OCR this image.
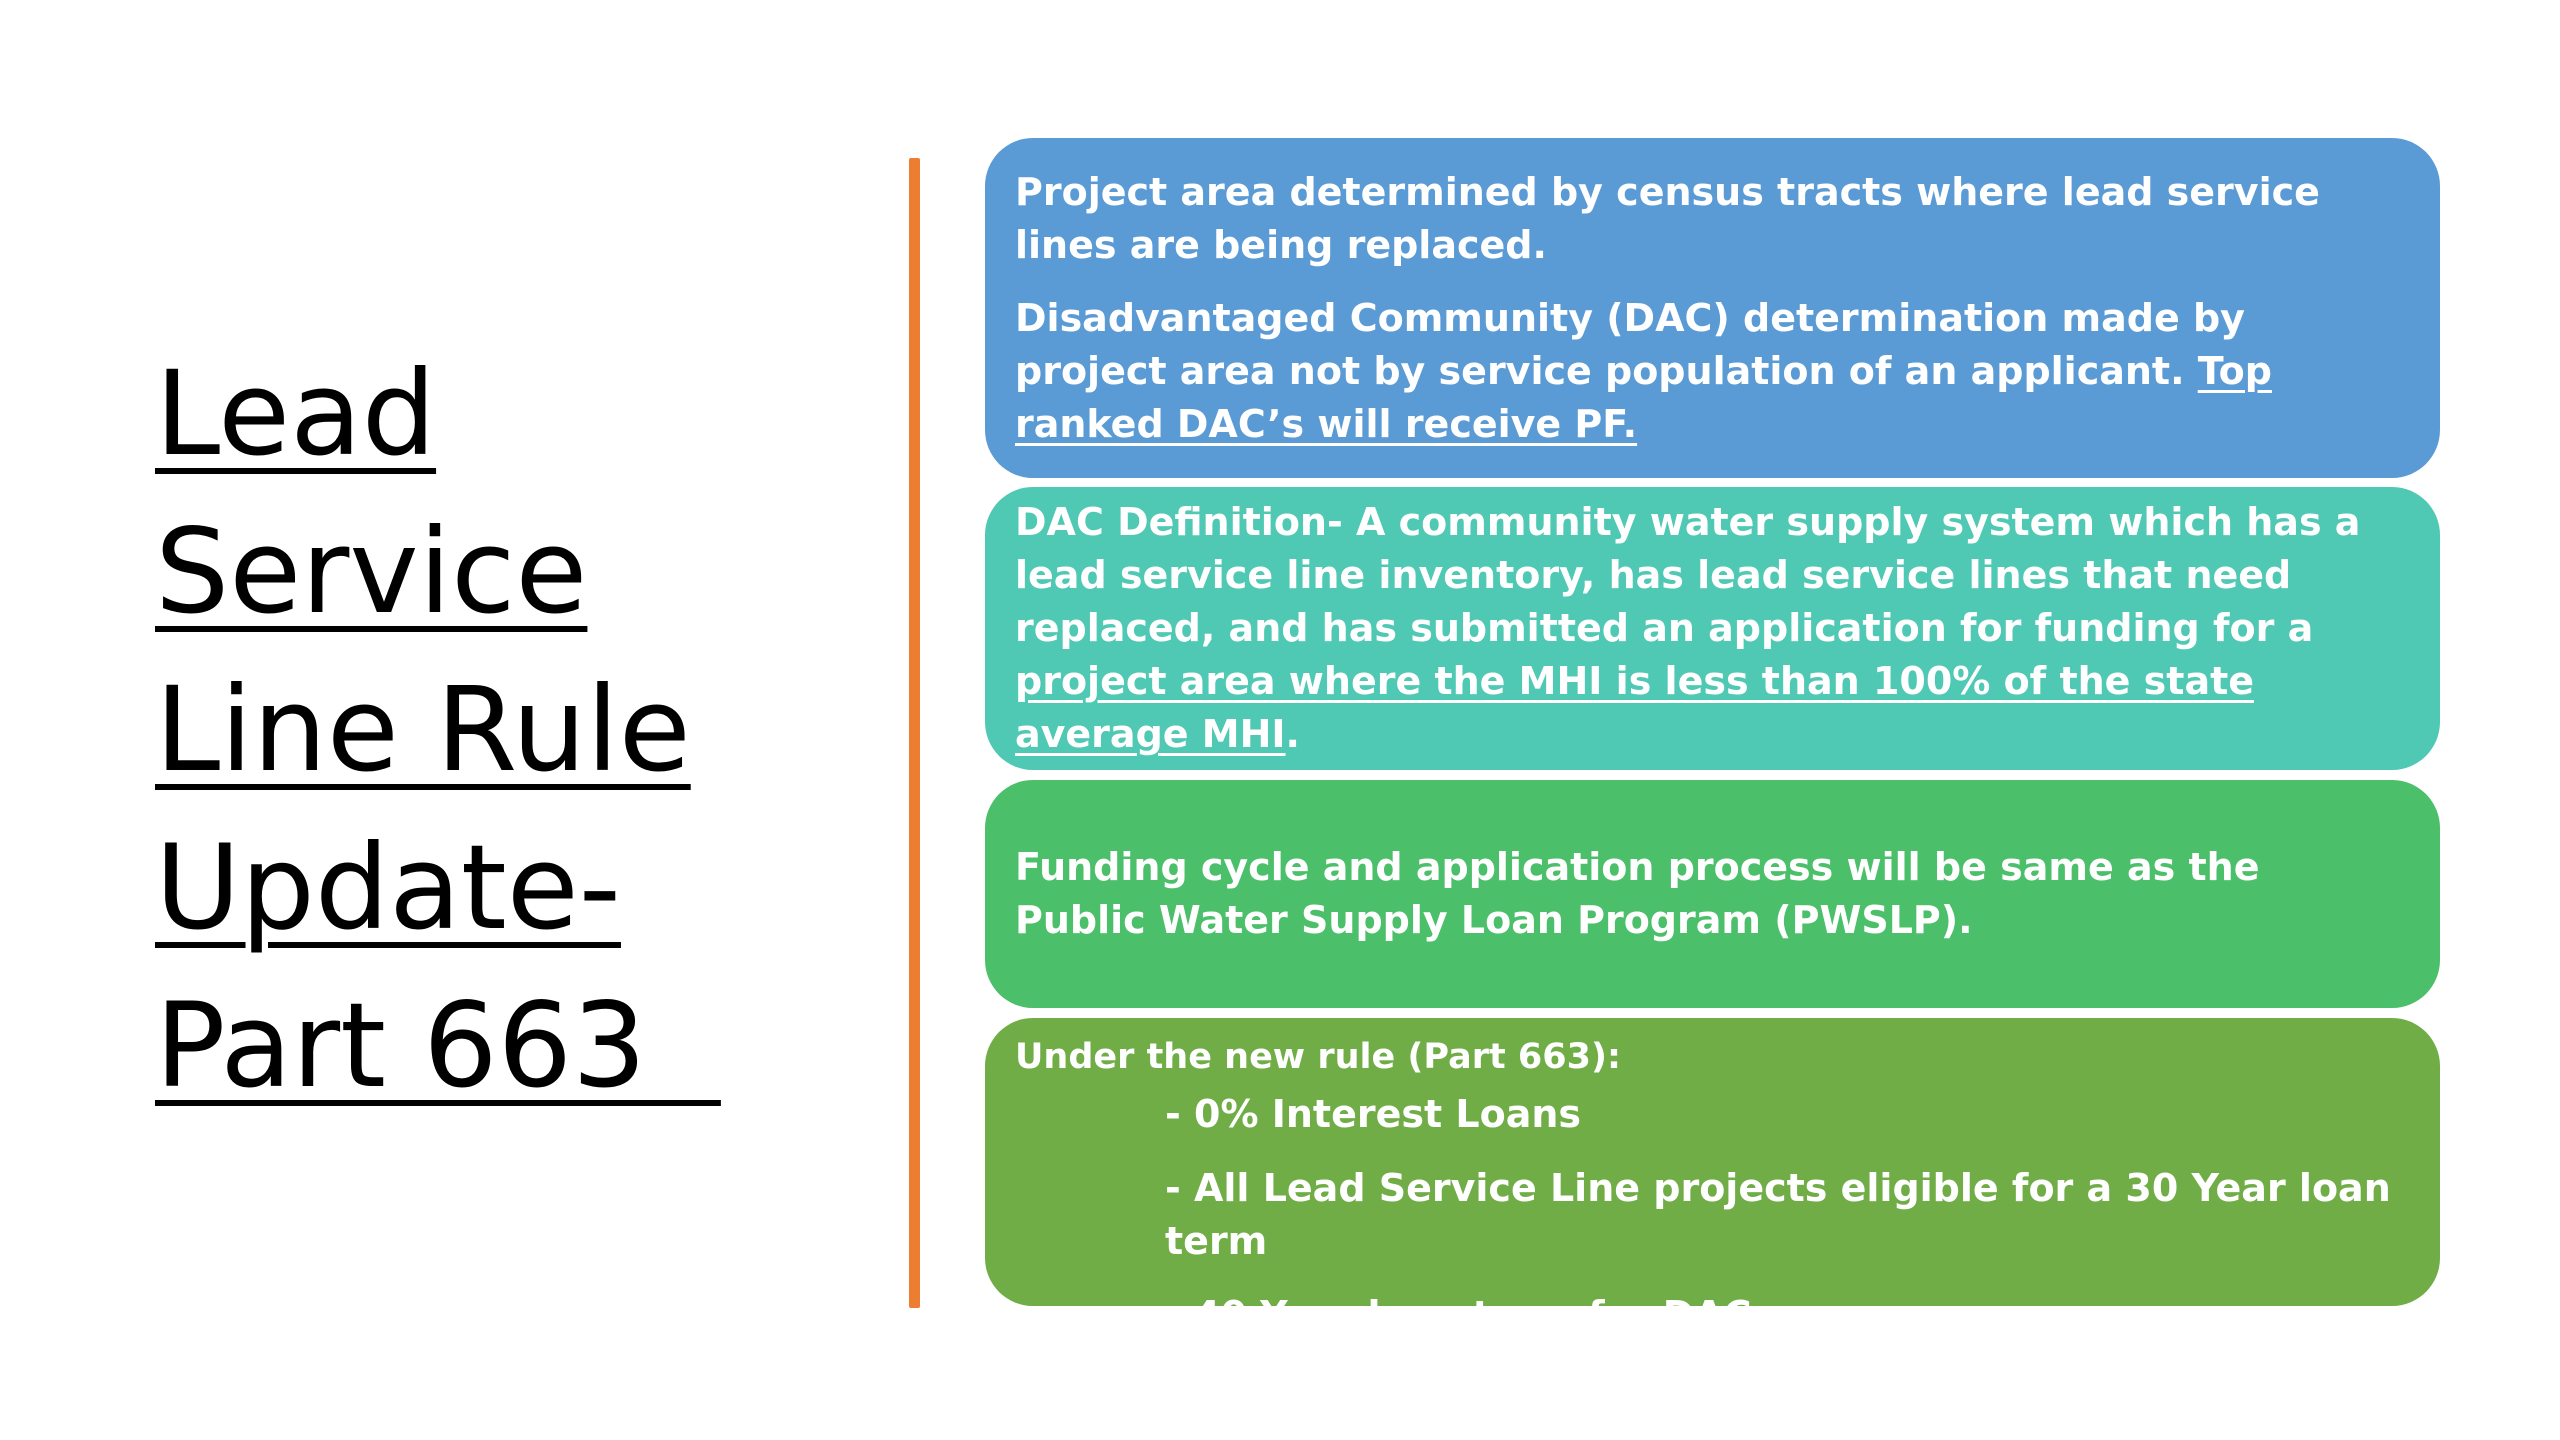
Lead
Service
Line Rule
Update-
Part 663

Project area determined by census tracts where lead service lines are being replaced.

Disadvantaged Community (DAC) determination made by project area not by service population of an applicant. Top ranked DAC’s will receive PF.

DAC Definition- A community water supply system which has a lead service line inventory, has lead service lines that need replaced, and has submitted an application for funding for a project area where the MHI is less than 100% of the state average MHI.

Funding cycle and application process will be same as the Public Water Supply Loan Program (PWSLP).

Under the new rule (Part 663):

- 0% Interest Loans
- All Lead Service Line projects eligible for a 30 Year loan term
- 40 Year loan term for DAC
